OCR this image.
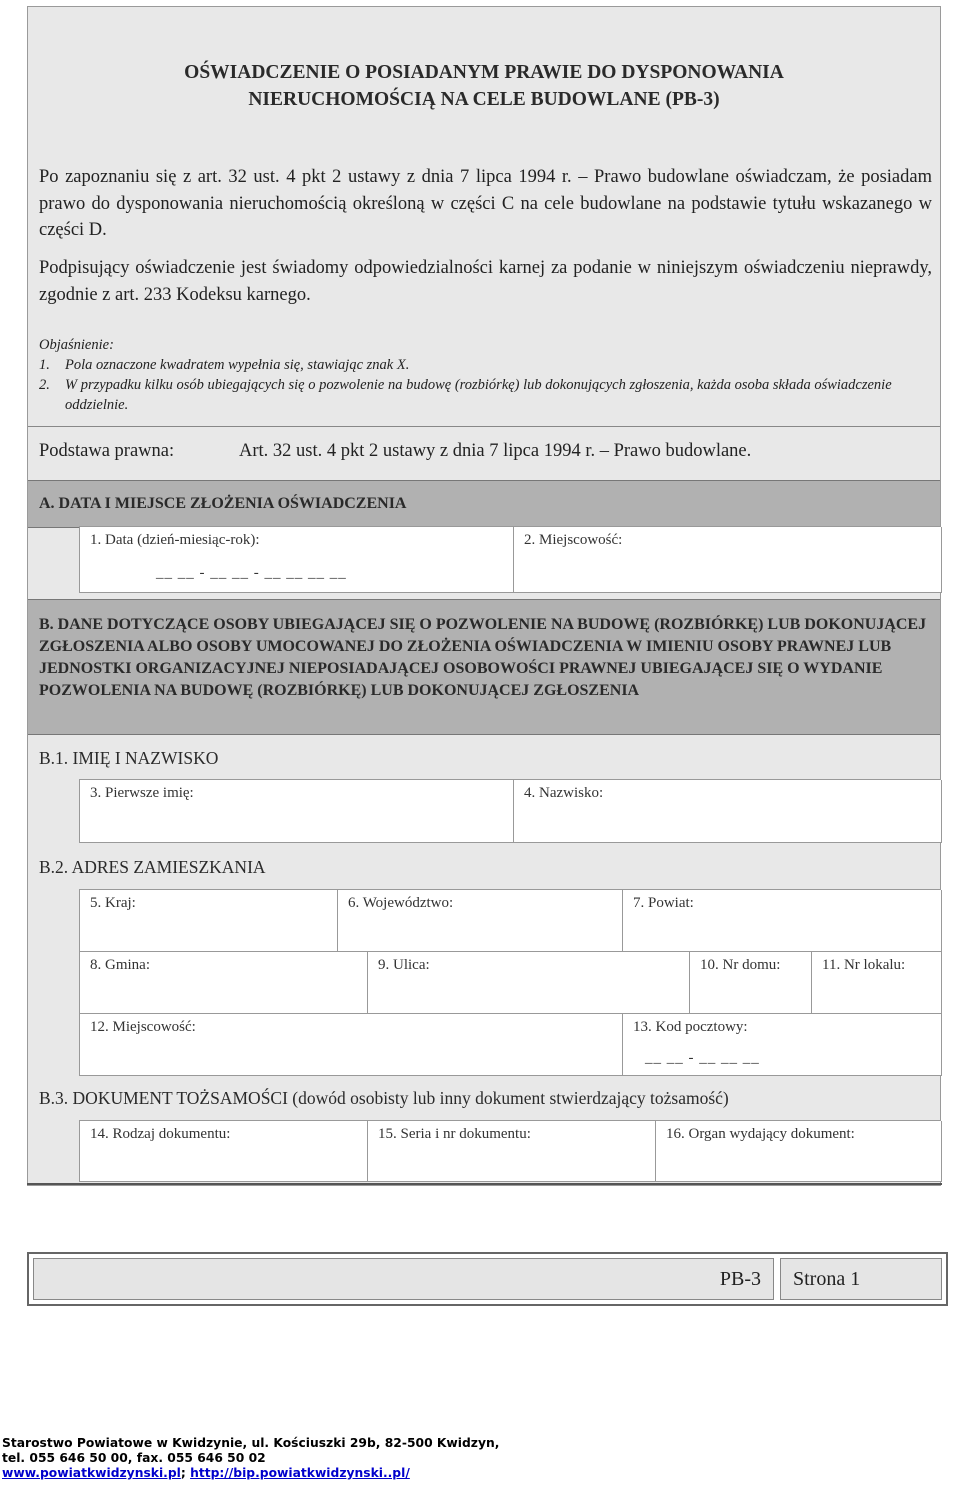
OŚWIADCZENIE O POSIADANYM PRAWIE DO DYSPONOWANIA
NIERUCHOMOŚCIĄ NA CELE BUDOWLANE (PB-3)
Po zapoznaniu się z art. 32 ust. 4 pkt 2 ustawy z dnia 7 lipca 1994 r. – Prawo budowlane oświadczam, że posiadam prawo do dysponowania nieruchomością określoną w części C na cele budowlane na podstawie tytułu wskazanego w części D.
Podpisujący oświadczenie jest świadomy odpowiedzialności karnej za podanie w niniejszym oświadczeniu nieprawdy, zgodnie z art. 233 Kodeksu karnego.
Objaśnienie:
1.	Pola oznaczone kwadratem wypełnia się, stawiając znak X.
2.	W przypadku kilku osób ubiegających się o pozwolenie na budowę (rozbiórkę) lub dokonujących zgłoszenia, każda osoba składa oświadczenie oddzielnie.
Podstawa prawna:	Art. 32 ust. 4 pkt 2 ustawy z dnia 7 lipca 1994 r. – Prawo budowlane.
A. DATA I MIEJSCE ZŁOŻENIA OŚWIADCZENIA
1. Data (dzień-miesiąc-rok):
__ __ - __ __ - __ __ __ __
2. Miejscowość:
B. DANE DOTYCZĄCE OSOBY UBIEGAJĄCEJ SIĘ O POZWOLENIE NA BUDOWĘ (ROZBIÓRKĘ) LUB DOKONUJĄCEJ ZGŁOSZENIA ALBO OSOBY UMOCOWANEJ DO ZŁOŻENIA OŚWIADCZENIA W IMIENIU OSOBY PRAWNEJ LUB JEDNOSTKI ORGANIZACYJNEJ NIEPOSIADAJĄCEJ OSOBOWOŚCI PRAWNEJ UBIEGAJĄCEJ SIĘ O WYDANIE POZWOLENIA NA BUDOWĘ (ROZBIÓRKĘ) LUB DOKONUJĄCEJ ZGŁOSZENIA
B.1. IMIĘ I NAZWISKO
3. Pierwsze imię:	4. Nazwisko:
B.2. ADRES ZAMIESZKANIA
5. Kraj:	6. Województwo:	7. Powiat:
8. Gmina:	9. Ulica:	10. Nr domu:	11. Nr lokalu:
12. Miejscowość:	13. Kod pocztowy:
__ __ - __ __ __
B.3. DOKUMENT TOŻSAMOŚCI (dowód osobisty lub inny dokument stwierdzający tożsamość)
14. Rodzaj dokumentu:	15. Seria i nr dokumentu:	16. Organ wydający dokument:
PB-3	Strona 1
Starostwo Powiatowe w Kwidzynie, ul. Kościuszki 29b, 82-500 Kwidzyn,
tel. 055 646 50 00, fax. 055 646 50 02
www.powiatkwidzynski.pl; http://bip.powiatkwidzynski..pl/
